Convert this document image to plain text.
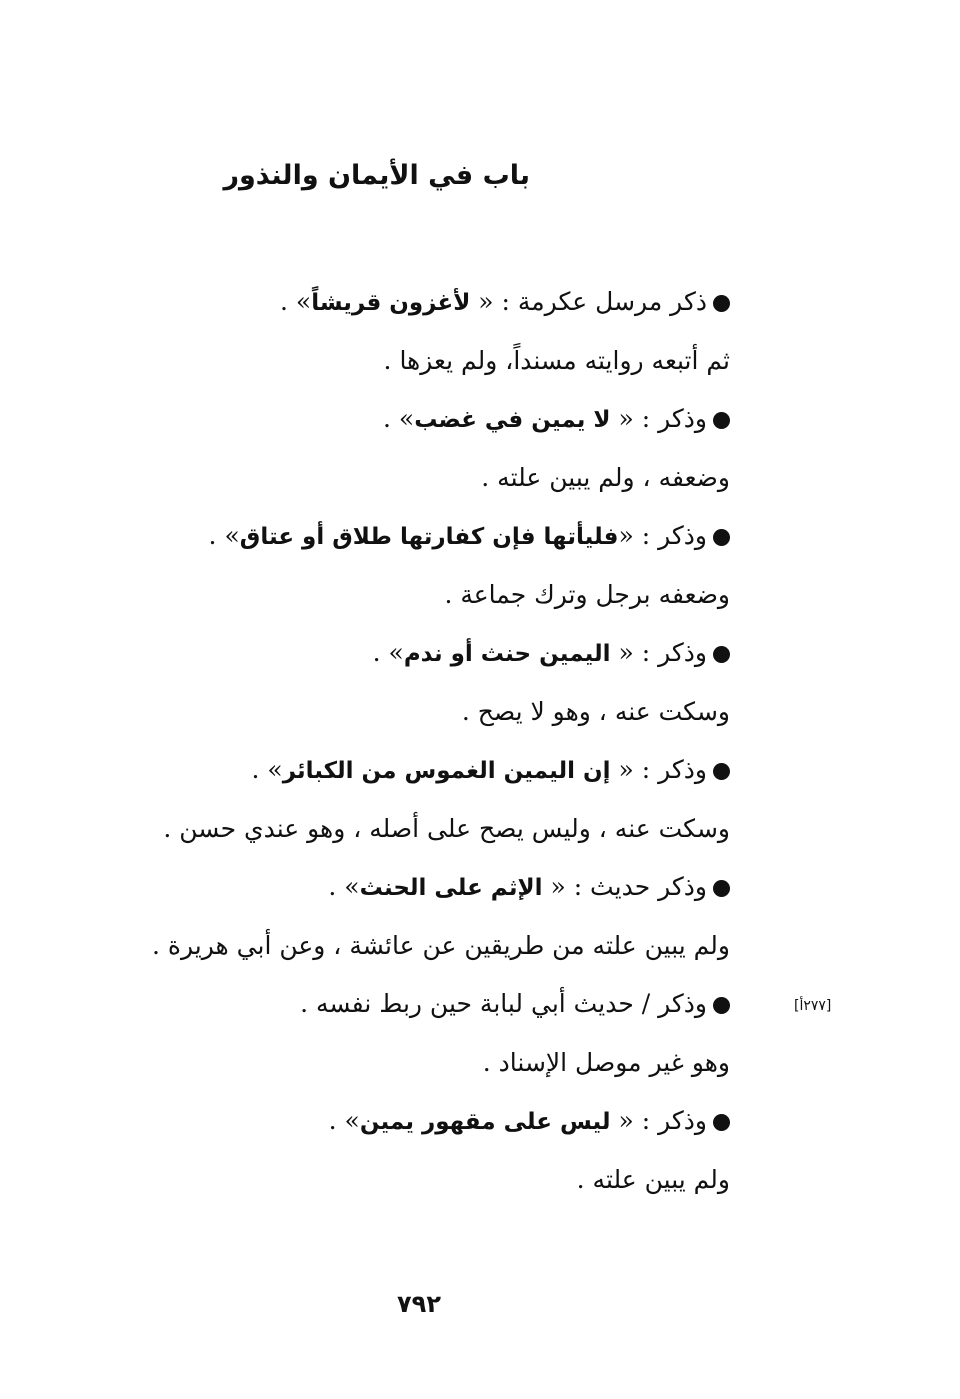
باب في الأيمان والنذور
ذكر مرسل عكرمة : « لأغزون قريشاً» .
ثم أتبعه روايته مسنداً، ولم يعزها .
وذكر : « لا يمين في غضب» .
وضعفه ، ولم يبين علته .
وذكر : «فليأتها فإن كفارتها طلاق أو عتاق» .
وضعفه برجل وترك جماعة .
وذكر : « اليمين حنث أو ندم» .
وسكت عنه ، وهو لا يصح .
وذكر : « إن اليمين الغموس من الكبائر» .
وسكت عنه ، وليس يصح على أصله ، وهو عندي حسن .
وذكر حديث : « الإثم على الحنث» .
ولم يبين علته من طريقين عن عائشة ، وعن أبي هريرة .
وذكر / حديث أبي لبابة حين ربط نفسه .
وهو غير موصل الإسناد .
وذكر : « ليس على مقهور يمين» .
ولم يبين علته .
[٢٧٧أ]
٧٩٢
